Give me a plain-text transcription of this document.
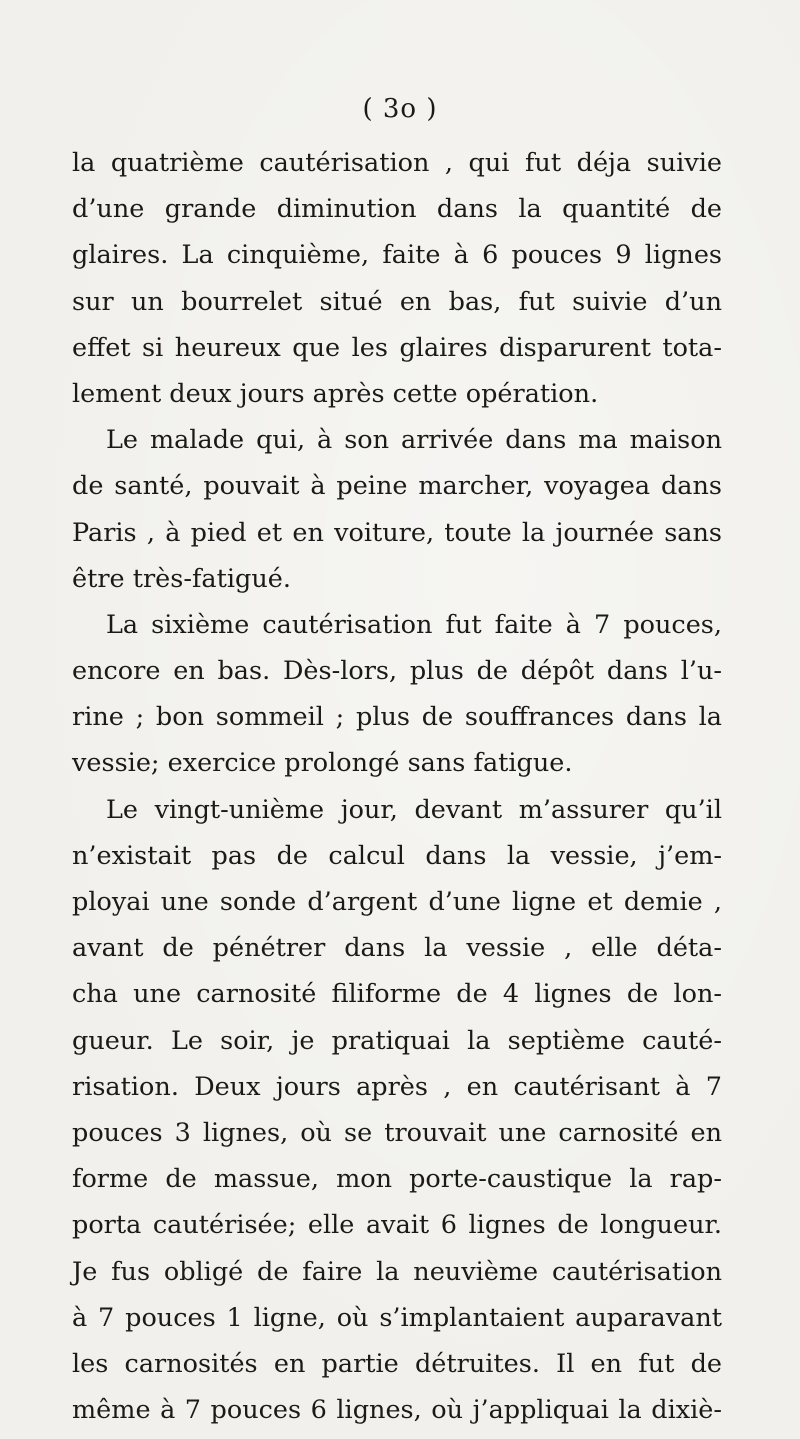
( 3o )
la quatrième cautérisation , qui fut déja suivie
d’une grande diminution dans la quantité de
glaires. La cinquième, faite à 6 pouces 9 lignes
sur un bourrelet situé en bas, fut suivie d’un
effet si heureux que les glaires disparurent tota-
lement deux jours après cette opération.
Le malade qui, à son arrivée dans ma maison
de santé, pouvait à peine marcher, voyagea dans
Paris , à pied et en voiture, toute la journée sans
être très-fatigué.
La sixième cautérisation fut faite à 7 pouces,
encore en bas. Dès-lors, plus de dépôt dans l’u-
rine ; bon sommeil ; plus de souffrances dans la
vessie; exercice prolongé sans fatigue.
Le vingt-unième jour, devant m’assurer qu’il
n’existait pas de calcul dans la vessie, j’em-
ployai une sonde d’argent d’une ligne et demie ,
avant de pénétrer dans la vessie , elle déta-
cha une carnosité filiforme de 4 lignes de lon-
gueur. Le soir, je pratiquai la septième cauté-
risation. Deux jours après , en cautérisant à 7
pouces 3 lignes, où se trouvait une carnosité en
forme de massue, mon porte-caustique la rap-
porta cautérisée; elle avait 6 lignes de longueur.
Je fus obligé de faire la neuvième cautérisation
à 7 pouces 1 ligne, où s’implantaient auparavant
les carnosités en partie détruites. Il en fut de
même à 7 pouces 6 lignes, où j’appliquai la dixiè-
